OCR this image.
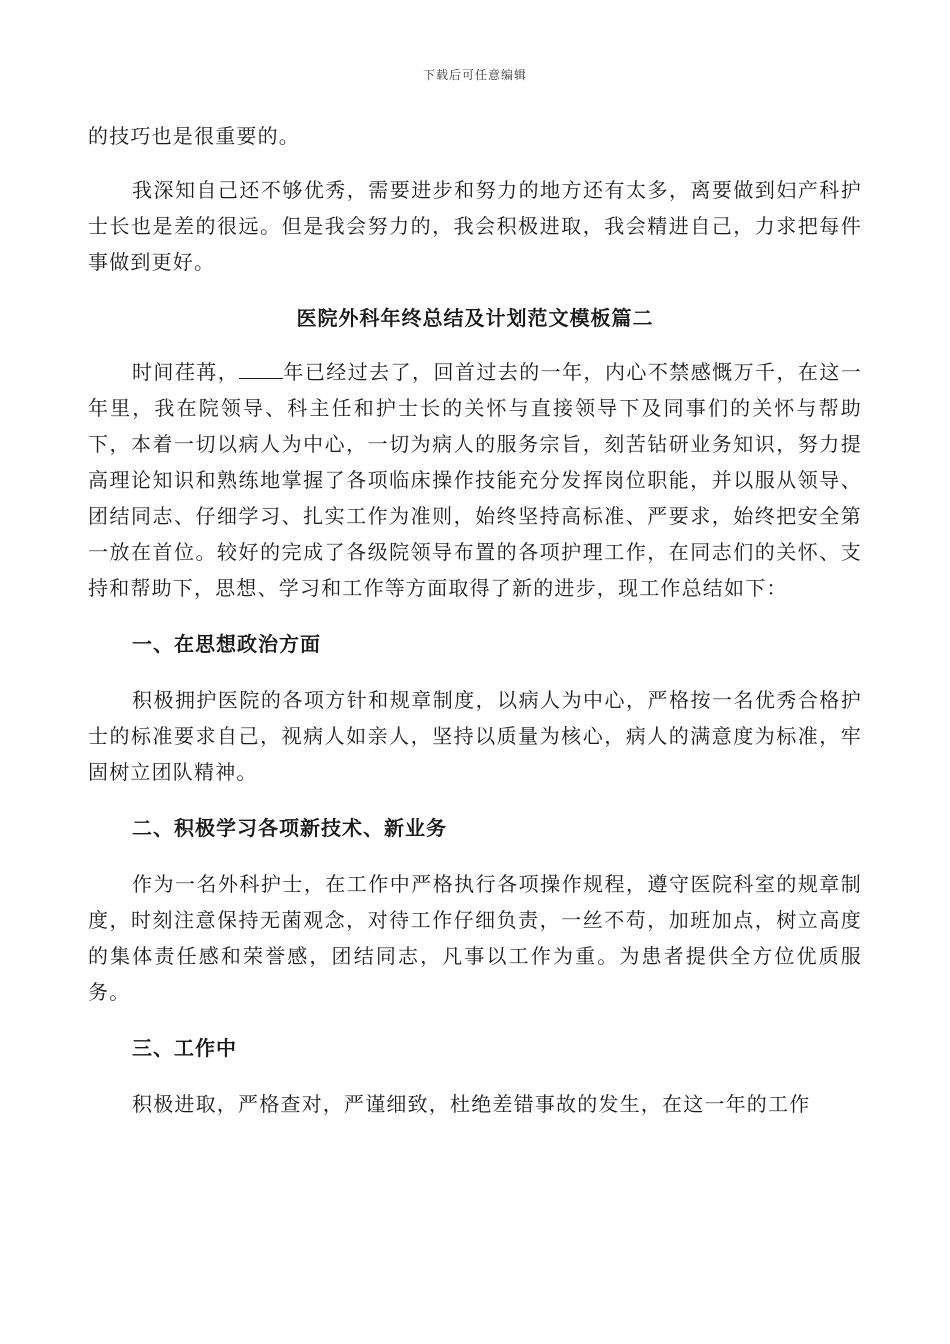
下载后可任意编辑

的技巧也是很重要的。

我深知自己还不够优秀，需要进步和努力的地方还有太多，离要做到妇产科护士长也是差的很远。但是我会努力的，我会积极进取，我会精进自己，力求把每件事做到更好。

医院外科年终总结及计划范文模板篇二

时间荏苒， 年已经过去了，回首过去的一年，内心不禁感慨万千，在这一年里，我在院领导、科主任和护士长的关怀与直接领导下及同事们的关怀与帮助下，本着一切以病人为中心，一切为病人的服务宗旨，刻苦钻研业务知识，努力提高理论知识和熟练地掌握了各项临床操作技能充分发挥岗位职能，并以服从领导、团结同志、仔细学习、扎实工作为准则，始终坚持高标准、严要求，始终把安全第一放在首位。较好的完成了各级院领导布置的各项护理工作，在同志们的关怀、支持和帮助下，思想、学习和工作等方面取得了新的进步，现工作总结如下：

一、在思想政治方面

积极拥护医院的各项方针和规章制度，以病人为中心，严格按一名优秀合格护士的标准要求自己，视病人如亲人，坚持以质量为核心，病人的满意度为标准，牢固树立团队精神。

二、积极学习各项新技术、新业务

作为一名外科护士，在工作中严格执行各项操作规程，遵守医院科室的规章制度，时刻注意保持无菌观念，对待工作仔细负责，一丝不苟，加班加点，树立高度的集体责任感和荣誉感，团结同志，凡事以工作为重。为患者提供全方位优质服务。

三、工作中

积极进取，严格查对，严谨细致，杜绝差错事故的发生，在这一年的工作
